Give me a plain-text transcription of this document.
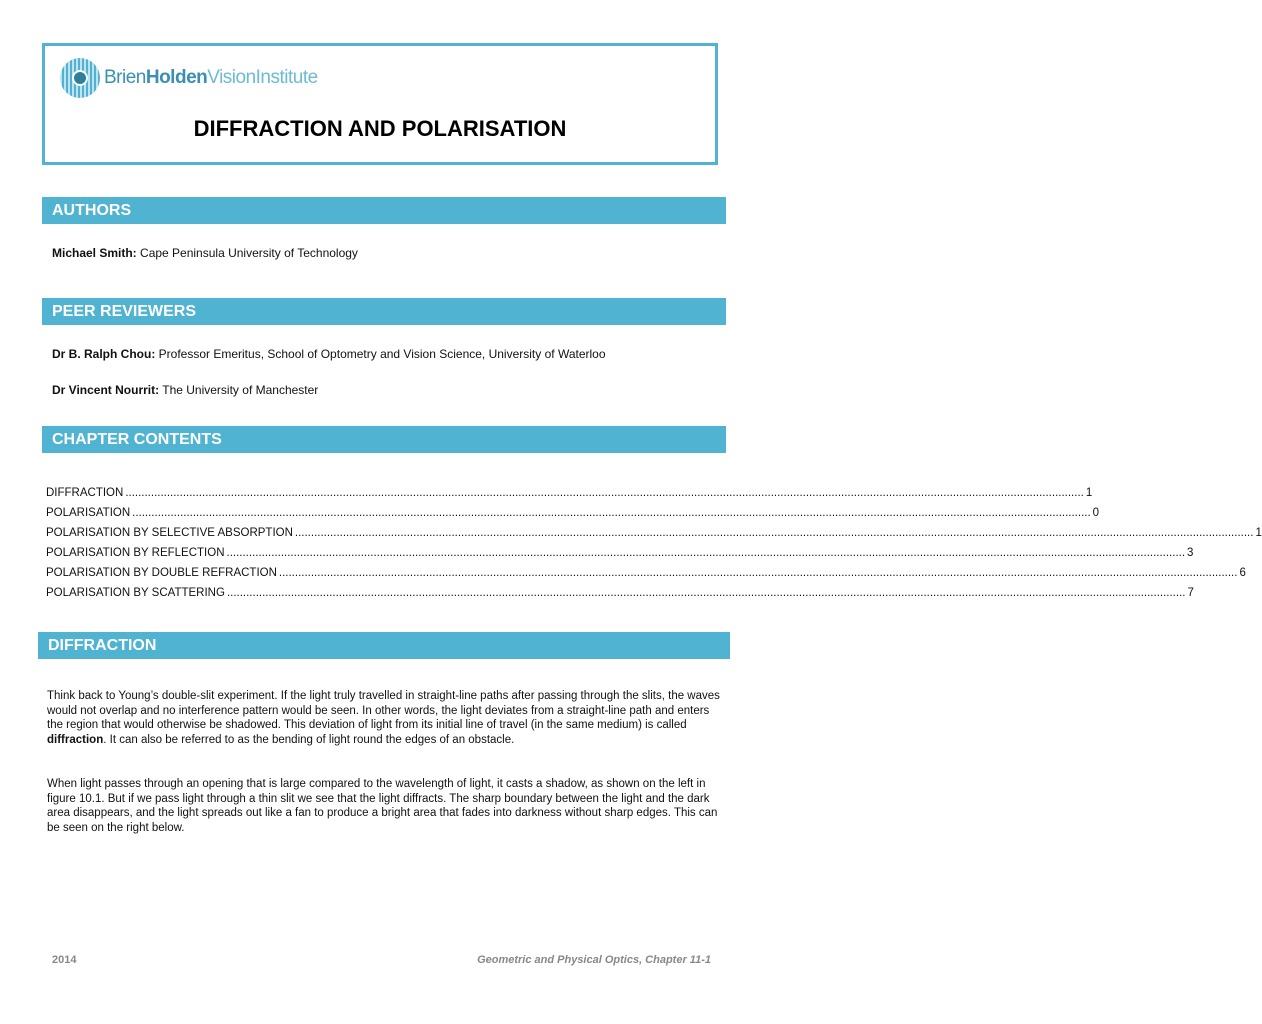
BrienHoldenVisionInstitute
DIFFRACTION AND POLARISATION
AUTHORS
Michael Smith: Cape Peninsula University of Technology
PEER REVIEWERS
Dr B. Ralph Chou: Professor Emeritus, School of Optometry and Vision Science, University of Waterloo
Dr Vincent Nourrit: The University of Manchester
CHAPTER CONTENTS
DIFFRACTION ............................................................................................................................................................................................................................................................................................................ 1
POLARISATION ............................................................................................................................................................................................................................................................................................................ 0
POLARISATION BY SELECTIVE ABSORPTION ............................................................................................................................................................................................................................................................................................................ 1
POLARISATION BY REFLECTION ............................................................................................................................................................................................................................................................................................................ 3
POLARISATION BY DOUBLE REFRACTION ............................................................................................................................................................................................................................................................................................................ 6
POLARISATION BY SCATTERING ............................................................................................................................................................................................................................................................................................................ 7
DIFFRACTION

Think back to Young’s double-slit experiment. If the light truly travelled in straight-line paths after passing through the slits, the waves would not overlap and no interference pattern would be seen. In other words, the light deviates from a straight-line path and enters the region that would otherwise be shadowed. This deviation of light from its initial line of travel (in the same medium) is called diffraction. It can also be referred to as the bending of light round the edges of an obstacle.

When light passes through an opening that is large compared to the wavelength of light, it casts a shadow, as shown on the left in figure 10.1. But if we pass light through a thin slit we see that the light diffracts. The sharp boundary between the light and the dark area disappears, and the light spreads out like a fan to produce a bright area that fades into darkness without sharp edges. This can be seen on the right below.

2014	Geometric and Physical Optics, Chapter 11-1
